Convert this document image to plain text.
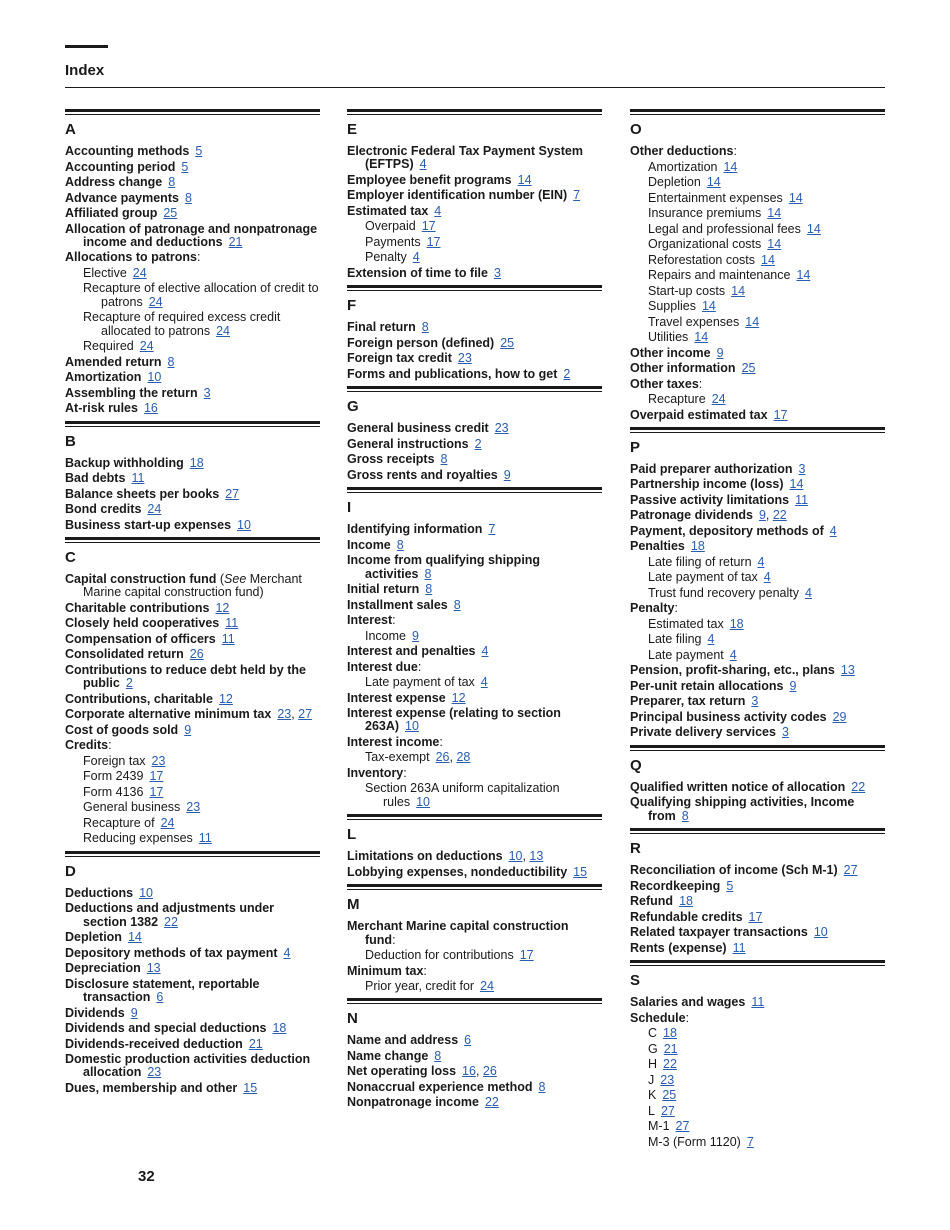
Index
A
Accounting methods 5
Accounting period 5
Address change 8
Advance payments 8
Affiliated group 25
Allocation of patronage and nonpatronage income and deductions 21
Allocations to patrons:
Elective 24
Recapture of elective allocation of credit to patrons 24
Recapture of required excess credit allocated to patrons 24
Required 24
Amended return 8
Amortization 10
Assembling the return 3
At-risk rules 16
B
Backup withholding 18
Bad debts 11
Balance sheets per books 27
Bond credits 24
Business start-up expenses 10
C
Capital construction fund (See Merchant Marine capital construction fund)
Charitable contributions 12
Closely held cooperatives 11
Compensation of officers 11
Consolidated return 26
Contributions to reduce debt held by the public 2
Contributions, charitable 12
Corporate alternative minimum tax 23, 27
Cost of goods sold 9
Credits:
Foreign tax 23
Form 2439 17
Form 4136 17
General business 23
Recapture of 24
Reducing expenses 11
D
Deductions 10
Deductions and adjustments under section 1382 22
Depletion 14
Depository methods of tax payment 4
Depreciation 13
Disclosure statement, reportable transaction 6
Dividends 9
Dividends and special deductions 18
Dividends-received deduction 21
Domestic production activities deduction allocation 23
Dues, membership and other 15
E
Electronic Federal Tax Payment System (EFTPS) 4
Employee benefit programs 14
Employer identification number (EIN) 7
Estimated tax 4
Overpaid 17
Payments 17
Penalty 4
Extension of time to file 3
F
Final return 8
Foreign person (defined) 25
Foreign tax credit 23
Forms and publications, how to get 2
G
General business credit 23
General instructions 2
Gross receipts 8
Gross rents and royalties 9
I
Identifying information 7
Income 8
Income from qualifying shipping activities 8
Initial return 8
Installment sales 8
Interest:
Income 9
Interest and penalties 4
Interest due:
Late payment of tax 4
Interest expense 12
Interest expense (relating to section 263A) 10
Interest income:
Tax-exempt 26, 28
Inventory:
Section 263A uniform capitalization rules 10
L
Limitations on deductions 10, 13
Lobbying expenses, nondeductibility 15
M
Merchant Marine capital construction fund:
Deduction for contributions 17
Minimum tax:
Prior year, credit for 24
N
Name and address 6
Name change 8
Net operating loss 16, 26
Nonaccrual experience method 8
Nonpatronage income 22
O
Other deductions:
Amortization 14
Depletion 14
Entertainment expenses 14
Insurance premiums 14
Legal and professional fees 14
Organizational costs 14
Reforestation costs 14
Repairs and maintenance 14
Start-up costs 14
Supplies 14
Travel expenses 14
Utilities 14
Other income 9
Other information 25
Other taxes:
Recapture 24
Overpaid estimated tax 17
P
Paid preparer authorization 3
Partnership income (loss) 14
Passive activity limitations 11
Patronage dividends 9, 22
Payment, depository methods of 4
Penalties 18
Late filing of return 4
Late payment of tax 4
Trust fund recovery penalty 4
Penalty:
Estimated tax 18
Late filing 4
Late payment 4
Pension, profit-sharing, etc., plans 13
Per-unit retain allocations 9
Preparer, tax return 3
Principal business activity codes 29
Private delivery services 3
Q
Qualified written notice of allocation 22
Qualifying shipping activities, Income from 8
R
Reconciliation of income (Sch M-1) 27
Recordkeeping 5
Refund 18
Refundable credits 17
Related taxpayer transactions 10
Rents (expense) 11
S
Salaries and wages 11
Schedule:
C 18
G 21
H 22
J 23
K 25
L 27
M-1 27
M-3 (Form 1120) 7
32
